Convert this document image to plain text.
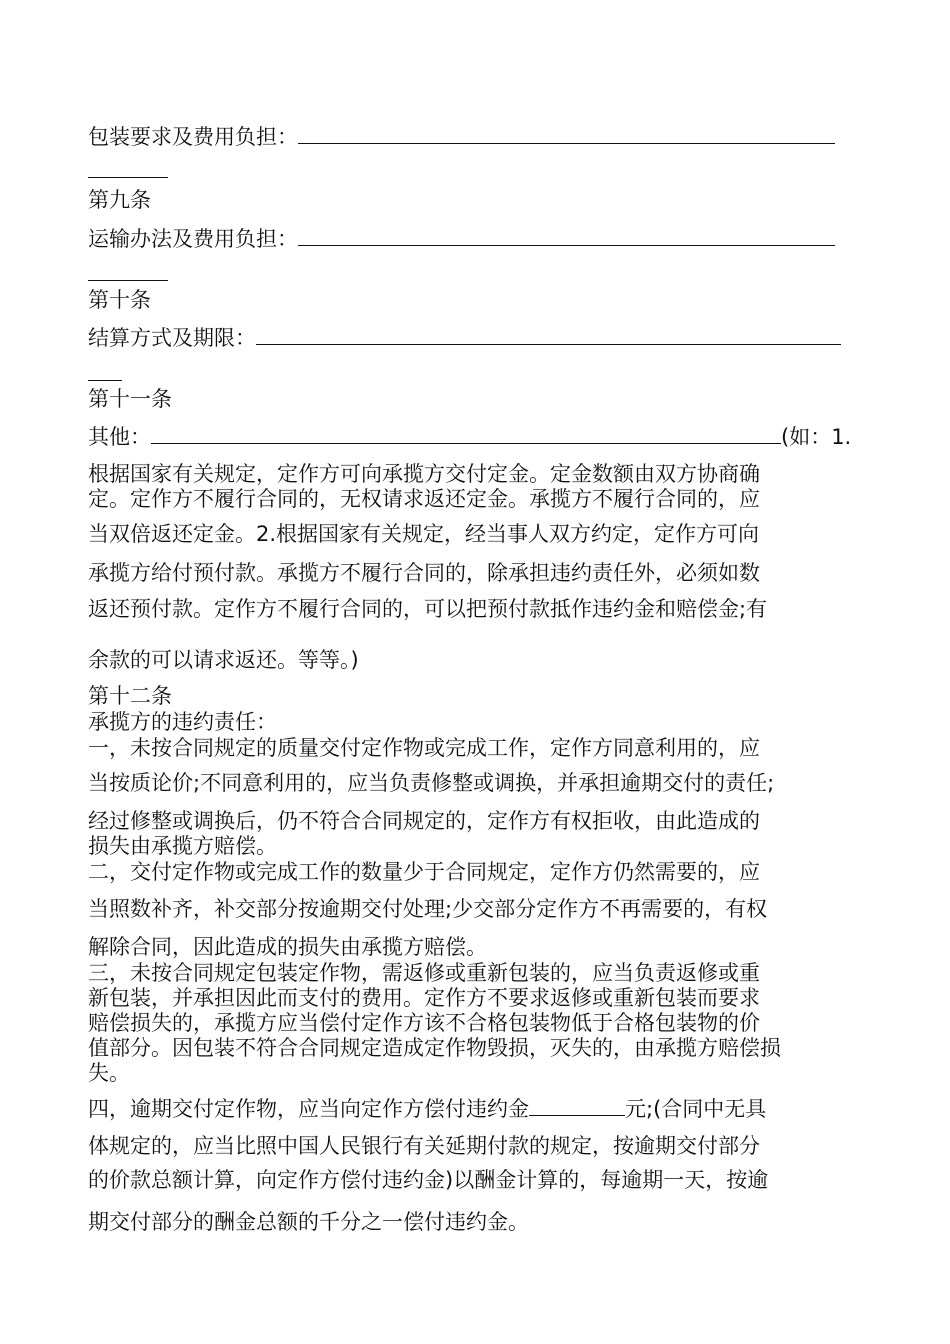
包装要求及费用负担：
第九条
运输办法及费用负担：
第十条
结算方式及期限：
第十一条
其他：	(如：1.
根据国家有关规定，定作方可向承揽方交付定金。定金数额由双方协商确
定。定作方不履行合同的，无权请求返还定金。承揽方不履行合同的，应
当双倍返还定金。2.根据国家有关规定，经当事人双方约定，定作方可向
承揽方给付预付款。承揽方不履行合同的，除承担违约责任外，必须如数
返还预付款。定作方不履行合同的，可以把预付款抵作违约金和赔偿金;有
余款的可以请求返还。等等。)
第十二条
承揽方的违约责任：
一，未按合同规定的质量交付定作物或完成工作，定作方同意利用的，应
当按质论价;不同意利用的，应当负责修整或调换，并承担逾期交付的责任;
经过修整或调换后，仍不符合合同规定的，定作方有权拒收，由此造成的
损失由承揽方赔偿。
二，交付定作物或完成工作的数量少于合同规定，定作方仍然需要的，应
当照数补齐，补交部分按逾期交付处理;少交部分定作方不再需要的，有权
解除合同，因此造成的损失由承揽方赔偿。
三，未按合同规定包装定作物，需返修或重新包装的，应当负责返修或重
新包装，并承担因此而支付的费用。定作方不要求返修或重新包装而要求
赔偿损失的，承揽方应当偿付定作方该不合格包装物低于合格包装物的价
值部分。因包装不符合合同规定造成定作物毁损，灭失的，由承揽方赔偿损
失。
四，逾期交付定作物，应当向定作方偿付违约金	元;(合同中无具
体规定的，应当比照中国人民银行有关延期付款的规定，按逾期交付部分
的价款总额计算，向定作方偿付违约金)以酬金计算的，每逾期一天，按逾
期交付部分的酬金总额的千分之一偿付违约金。
